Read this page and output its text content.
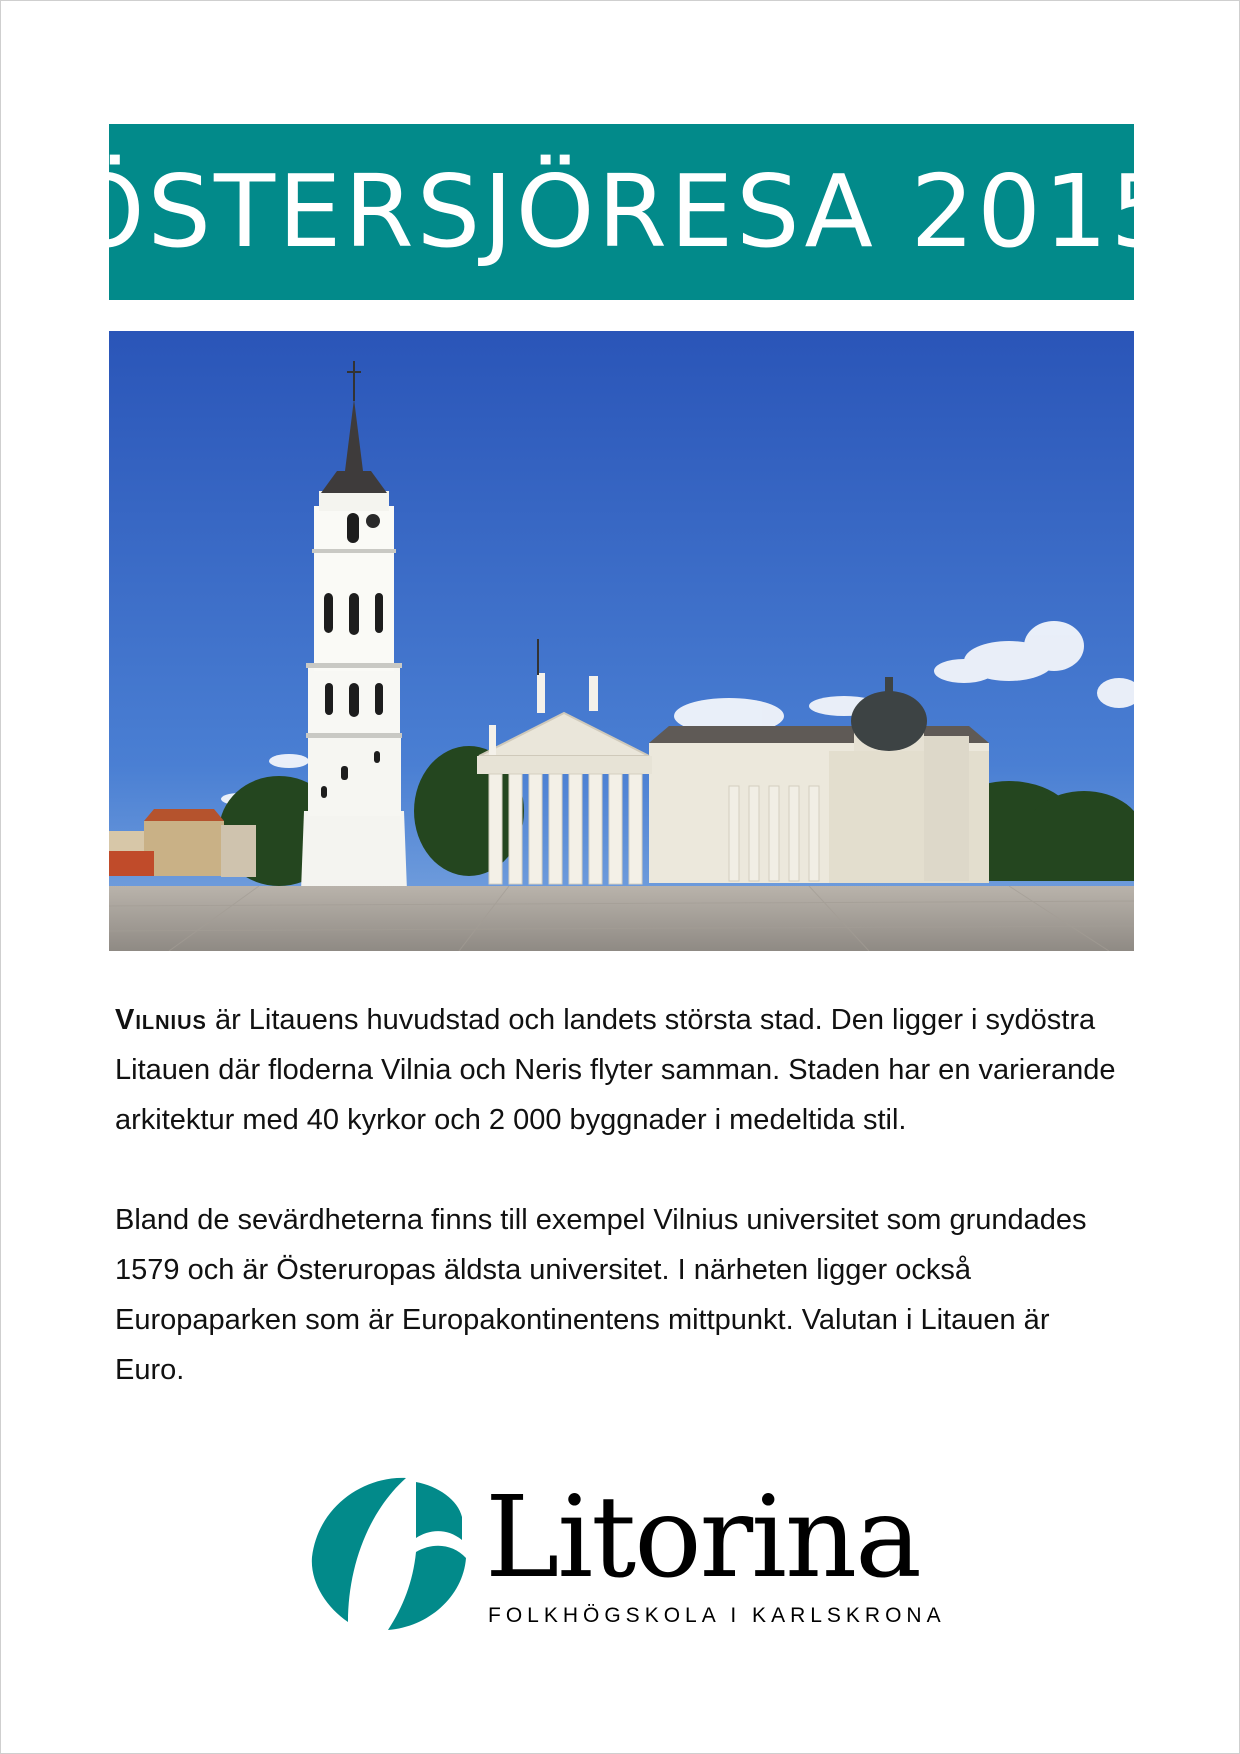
ÖSTERSJÖRESA 2015

Vilnius är Litauens huvudstad och landets största stad. Den ligger i sydöstra Litauen där floderna Vilnia och Neris flyter samman. Staden har en varierande arkitektur med 40 kyrkor och 2 000 byggnader i medeltida stil.

Bland de sevärdheterna finns till exempel Vilnius universitet som grundades 1579 och är Österuropas äldsta universitet. I närheten ligger också Europaparken som är Europakontinentens mittpunkt. Valutan i Litauen är Euro.

Litorina
FOLKHÖGSKOLA I KARLSKRONA
